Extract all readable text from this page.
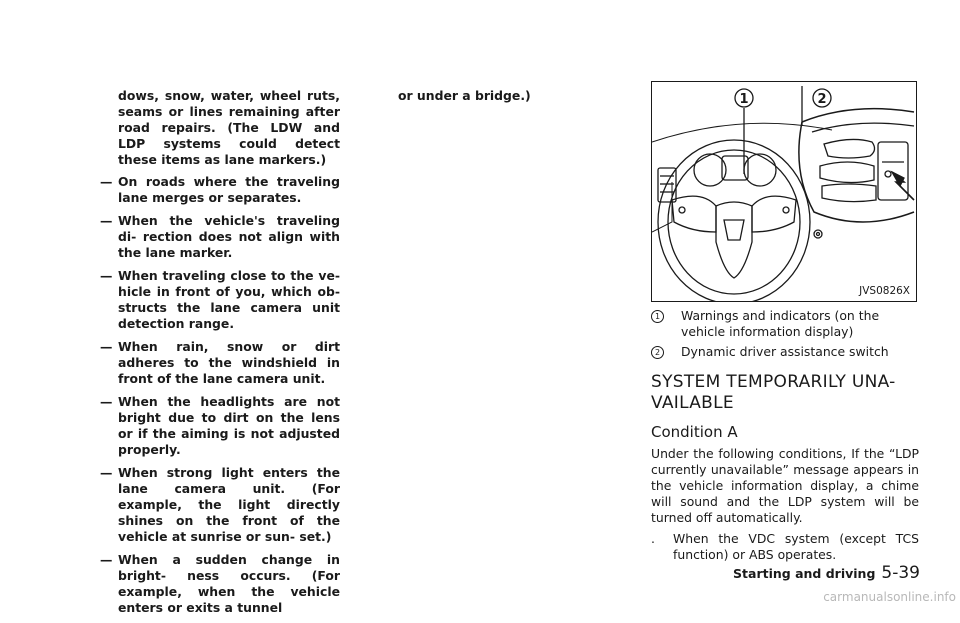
dows, snow, water, wheel ruts, seams or lines remaining after road repairs. (The LDW and LDP systems could detect these items as lane markers.)

— On roads where the traveling lane merges or separates.
— When the vehicle's traveling di- rection does not align with the lane marker.
— When traveling close to the ve- hicle in front of you, which ob- structs the lane camera unit detection range.
— When rain, snow or dirt adheres to the windshield in front of the lane camera unit.
— When the headlights are not bright due to dirt on the lens or if the aiming is not adjusted properly.
— When strong light enters the lane camera unit. (For example, the light directly shines on the front of the vehicle at sunrise or sun- set.)
— When a sudden change in bright- ness occurs. (For example, when the vehicle enters or exits a tunnel

or under a bridge.)	1	2
JVS0826X
1	Warnings and indicators (on the vehicle information display)
2	Dynamic driver assistance switch
SYSTEM TEMPORARILY UNA- VAILABLE
Condition A

Under the following conditions, If the “LDP currently unavailable” message appears in the vehicle information display, a chime will sound and the LDP system will be turned off automatically.

.	When the VDC system (except TCS function) or ABS operates.
Starting and driving 5-39
carmanualsonline.info
